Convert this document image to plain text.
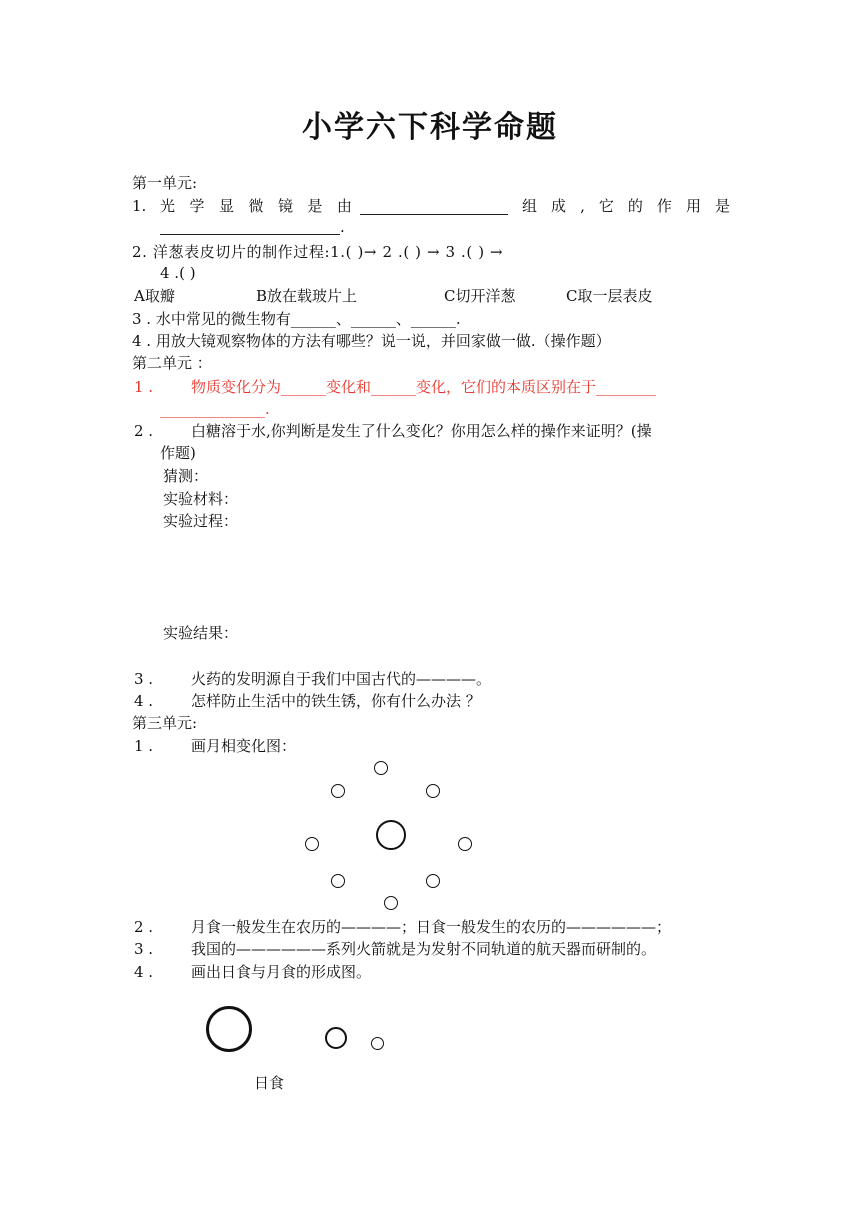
小学六下科学命题
第一单元:
1. 光 学 显 微 镜 是 由	组 成 , 它 的 作 用 是
.
2. 洋葱表皮切片的制作过程:1.( )→ 2 .( ) → 3 .( ) →
4 .( )
A取瓣	B放在载玻片上	C切开洋葱	C取一层表皮
3 . 水中常见的微生物有______、______、______.
4 . 用放大镜观察物体的方法有哪些？说一说，并回家做一做.（操作题）
第二单元 ：
1 .	物质变化分为______变化和______变化，它们的本质区别在于________
______________.
2 .	白糖溶于水,你判断是发生了什么变化？你用怎么样的操作来证明？(操
作题)
猜测：
实验材料：
实验过程：
实验结果：
3 .	火药的发明源自于我们中国古代的————。
4 .	怎样防止生活中的铁生锈，你有什么办法 ？
第三单元:
1 .	画月相变化图：
2 .	月食一般发生在农历的————；日食一般发生的农历的——————；
3 .	我国的——————系列火箭就是为发射不同轨道的航天器而研制的。
4 .	画出日食与月食的形成图。
日食
